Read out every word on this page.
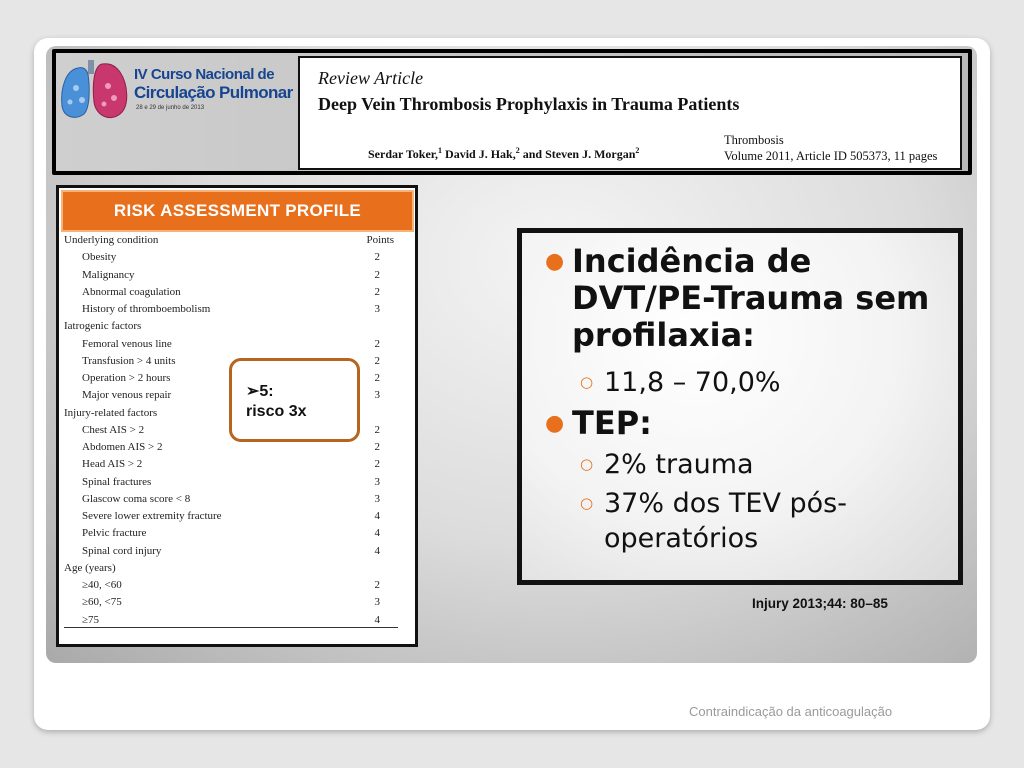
IV Curso Nacional de
Circulação Pulmonar
28 e 29 de junho de 2013
Review Article
Deep Vein Thrombosis Prophylaxis in Trauma Patients
Serdar Toker,$^1$ David J. Hak,$^2$ and Steven J. Morgan$^2$
Thrombosis
Volume 2011, Article ID 505373, 11 pages
RISK ASSESSMENT PROFILE
Underlying condition	Points
Obesity	2
Malignancy	2
Abnormal coagulation	2
History of thromboembolism	3
Iatrogenic factors
Femoral venous line	2
Transfusion > 4 units	2
Operation > 2 hours	2
Major venous repair	3
Injury-related factors
Chest AIS > 2	2
Abdomen AIS > 2	2
Head AIS > 2	2
Spinal fractures	3
Glascow coma score < 8	3
Severe lower extremity fracture	4
Pelvic fracture	4
Spinal cord injury	4
Age (years)
≥40, <60	2
≥60, <75	3
≥75	4
➢5:
risco 3x
● Incidência de DVT/PE-Trauma sem profilaxia:
○ 11,8 – 70,0%
● TEP:
○ 2% trauma
○ 37% dos TEV pós-operatórios
Injury 2013;44: 80–85
Contraindicação da anticoagulação
